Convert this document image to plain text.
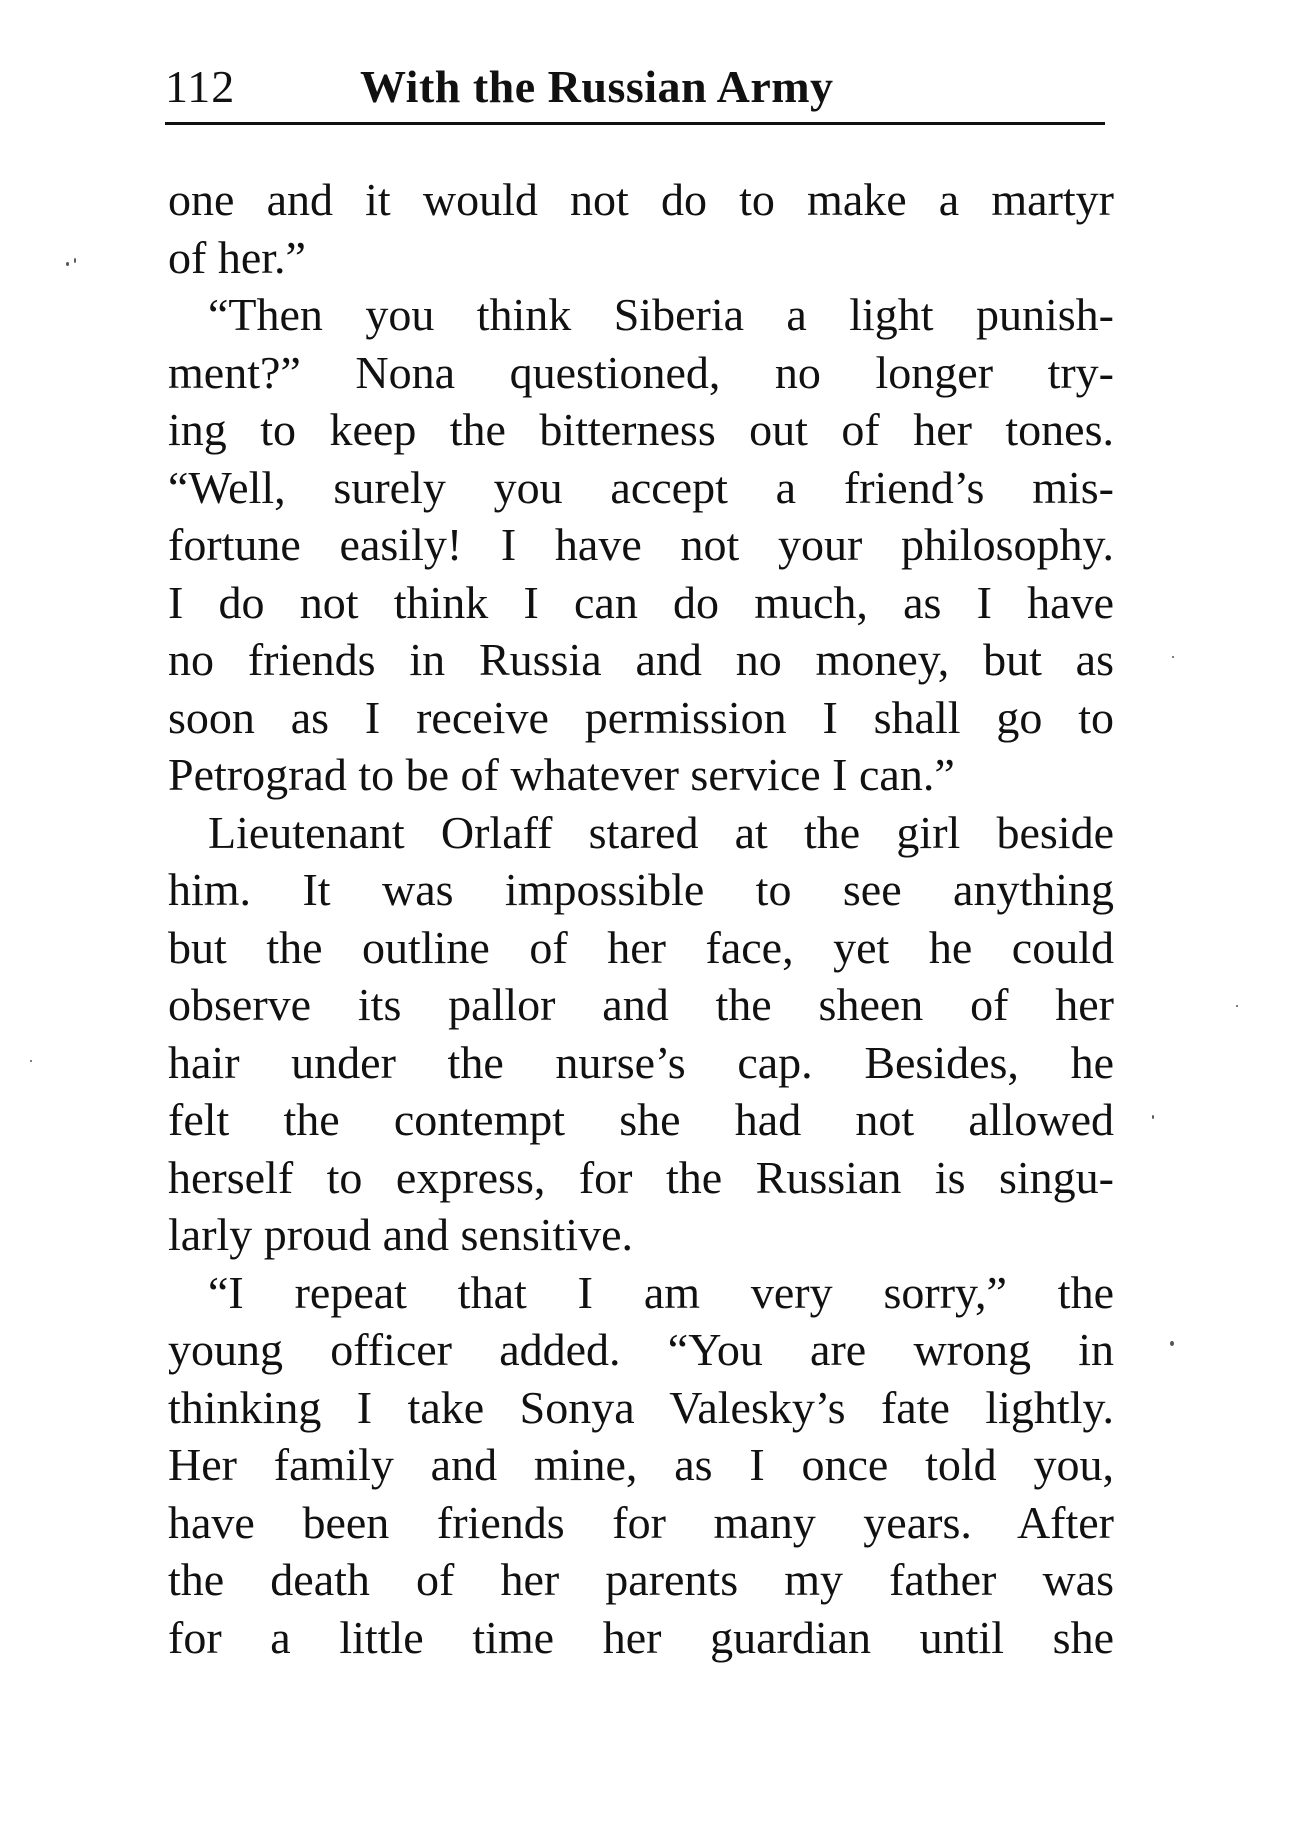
112	With the Russian Army
one and it would not do to make a martyr
of her.”
“Then you think Siberia a light punish-
ment?” Nona questioned, no longer try-
ing to keep the bitterness out of her tones.
“Well, surely you accept a friend’s mis-
fortune easily! I have not your philosophy.
I do not think I can do much, as I have
no friends in Russia and no money, but as
soon as I receive permission I shall go to
Petrograd to be of whatever service I can.”
Lieutenant Orlaff stared at the girl beside
him. It was impossible to see anything
but the outline of her face, yet he could
observe its pallor and the sheen of her
hair under the nurse’s cap. Besides, he
felt the contempt she had not allowed
herself to express, for the Russian is singu-
larly proud and sensitive.
“I repeat that I am very sorry,” the
young officer added. “You are wrong in
thinking I take Sonya Valesky’s fate lightly.
Her family and mine, as I once told you,
have been friends for many years. After
the death of her parents my father was
for a little time her guardian until she
